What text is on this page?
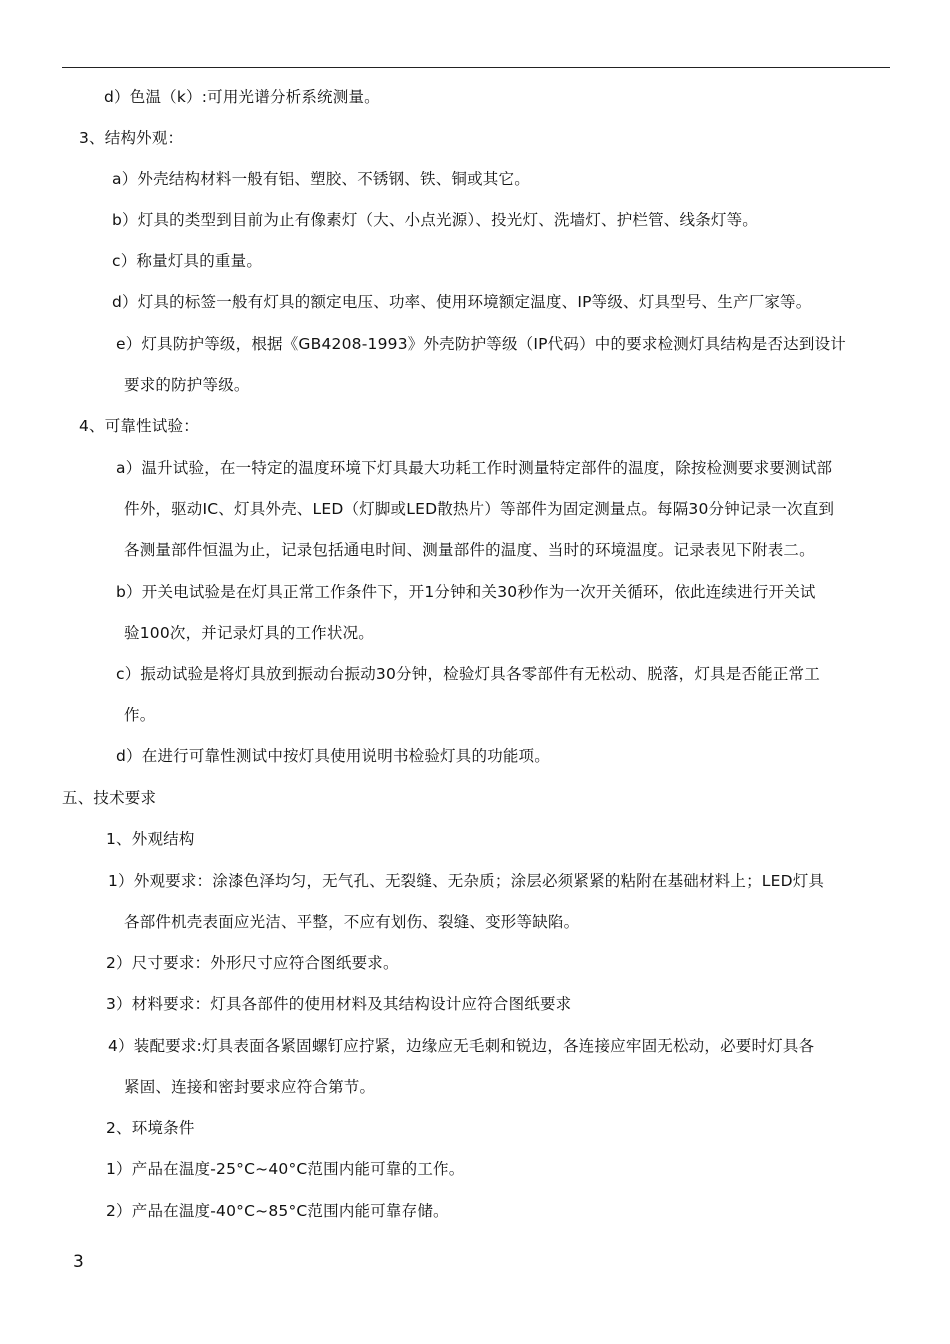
d）色温（k）:可用光谱分析系统测量。
3、结构外观：
a）外壳结构材料一般有铝、塑胶、不锈钢、铁、铜或其它。
b）灯具的类型到目前为止有像素灯（大、小点光源）、投光灯、洗墙灯、护栏管、线条灯等。
c）称量灯具的重量。
d）灯具的标签一般有灯具的额定电压、功率、使用环境额定温度、IP等级、灯具型号、生产厂家等。
e）灯具防护等级，根据《GB4208-1993》外壳防护等级（IP代码）中的要求检测灯具结构是否达到设计
要求的防护等级。
4、可靠性试验：
a）温升试验，在一特定的温度环境下灯具最大功耗工作时测量特定部件的温度，除按检测要求要测试部
件外，驱动IC、灯具外壳、LED（灯脚或LED散热片）等部件为固定测量点。每隔30分钟记录一次直到
各测量部件恒温为止，记录包括通电时间、测量部件的温度、当时的环境温度。记录表见下附表二。
b）开关电试验是在灯具正常工作条件下，开1分钟和关30秒作为一次开关循环，依此连续进行开关试
验100次，并记录灯具的工作状况。
c）振动试验是将灯具放到振动台振动30分钟，检验灯具各零部件有无松动、脱落，灯具是否能正常工
作。
d）在进行可靠性测试中按灯具使用说明书检验灯具的功能项。
五、技术要求
1、外观结构
1）外观要求：涂漆色泽均匀，无气孔、无裂缝、无杂质；涂层必须紧紧的粘附在基础材料上；LED灯具
各部件机壳表面应光洁、平整，不应有划伤、裂缝、变形等缺陷。
2）尺寸要求：外形尺寸应符合图纸要求。
3）材料要求：灯具各部件的使用材料及其结构设计应符合图纸要求
4）装配要求:灯具表面各紧固螺钉应拧紧，边缘应无毛刺和锐边，各连接应牢固无松动，必要时灯具各
紧固、连接和密封要求应符合第节。
2、环境条件
1）产品在温度-25°C~40°C范围内能可靠的工作。
2）产品在温度-40°C~85°C范围内能可靠存储。
3
